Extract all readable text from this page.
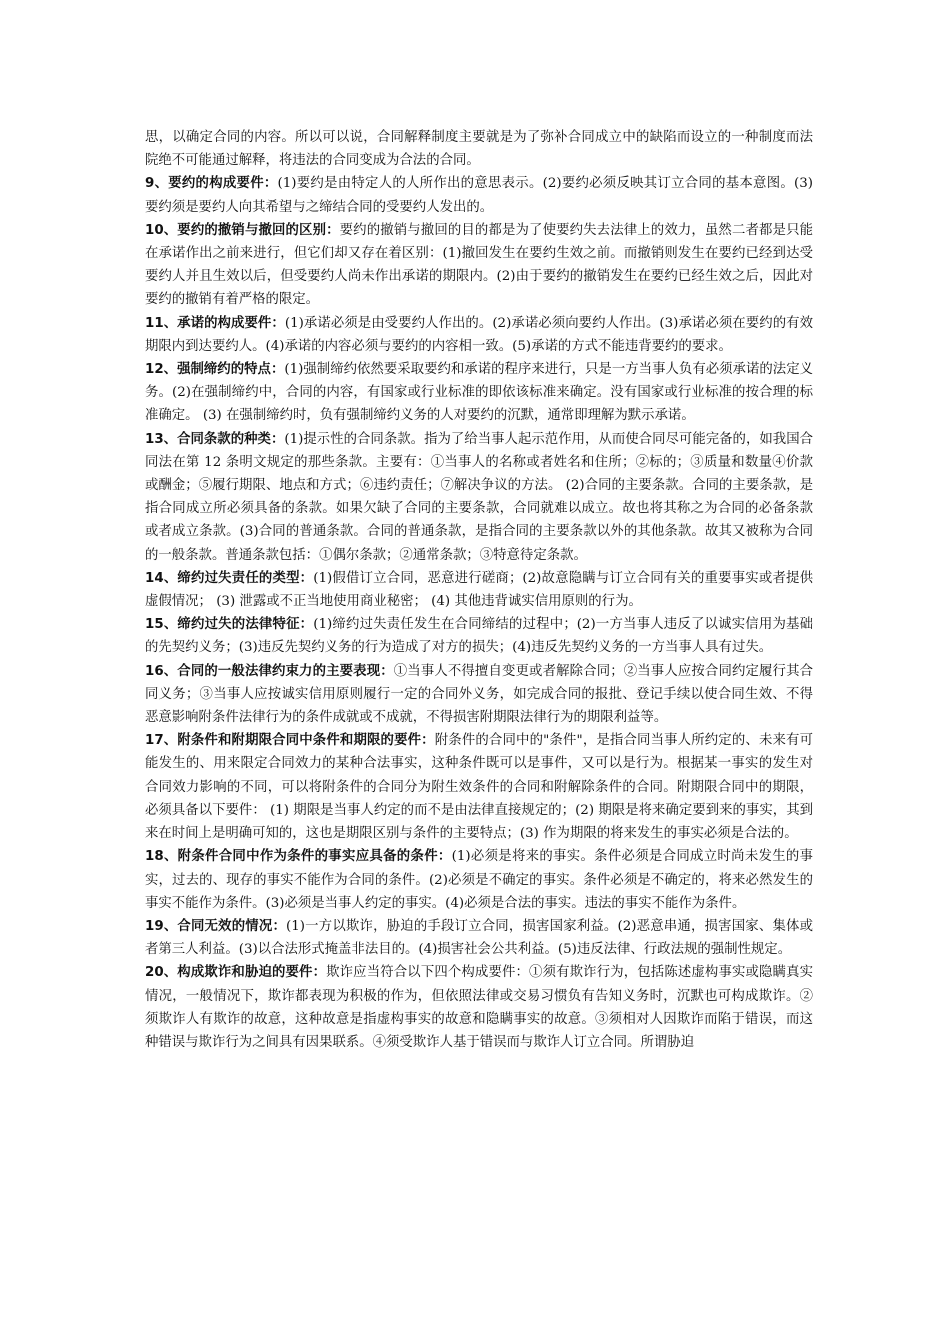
思，以确定合同的内容。所以可以说，合同解释制度主要就是为了弥补合同成立中的缺陷而设立的一种制度而法院绝不可能通过解释，将违法的合同变成为合法的合同。

9、要约的构成要件：(1)要约是由特定人的人所作出的意思表示。(2)要约必须反映其订立合同的基本意图。(3)要约须是要约人向其希望与之缔结合同的受要约人发出的。

10、要约的撤销与撤回的区别：要约的撤销与撤回的目的都是为了使要约失去法律上的效力，虽然二者都是只能在承诺作出之前来进行，但它们却又存在着区别：(1)撤回发生在要约生效之前。而撤销则发生在要约已经到达受要约人并且生效以后，但受要约人尚未作出承诺的期限内。(2)由于要约的撤销发生在要约已经生效之后，因此对要约的撤销有着严格的限定。

11、承诺的构成要件：(1)承诺必须是由受要约人作出的。(2)承诺必须向要约人作出。(3)承诺必须在要约的有效期限内到达要约人。(4)承诺的内容必须与要约的内容相一致。(5)承诺的方式不能违背要约的要求。

12、强制缔约的特点：(1)强制缔约依然要采取要约和承诺的程序来进行，只是一方当事人负有必须承诺的法定义务。(2)在强制缔约中，合同的内容，有国家或行业标准的即依该标准来确定。没有国家或行业标准的按合理的标准确定。 (3) 在强制缔约时，负有强制缔约义务的人对要约的沉默，通常即理解为默示承诺。

13、合同条款的种类：(1)提示性的合同条款。指为了给当事人起示范作用，从而使合同尽可能完备的，如我国合同法在第 12 条明文规定的那些条款。主要有：①当事人的名称或者姓名和住所；②标的；③质量和数量④价款或酬金；⑤履行期限、地点和方式；⑥违约责任；⑦解决争议的方法。 (2)合同的主要条款。合同的主要条款，是指合同成立所必须具备的条款。如果欠缺了合同的主要条款，合同就难以成立。故也将其称之为合同的必备条款或者成立条款。(3)合同的普通条款。合同的普通条款，是指合同的主要条款以外的其他条款。故其又被称为合同的一般条款。普通条款包括：①偶尔条款；②通常条款；③特意待定条款。

14、缔约过失责任的类型：(1)假借订立合同，恶意进行磋商；(2)故意隐瞒与订立合同有关的重要事实或者提供虚假情况； (3) 泄露或不正当地使用商业秘密； (4) 其他违背诚实信用原则的行为。

15、缔约过失的法律特征：(1)缔约过失责任发生在合同缔结的过程中；(2)一方当事人违反了以诚实信用为基础的先契约义务；(3)违反先契约义务的行为造成了对方的损失；(4)违反先契约义务的一方当事人具有过失。

16、合同的一般法律约束力的主要表现：①当事人不得擅自变更或者解除合同；②当事人应按合同约定履行其合同义务；③当事人应按诚实信用原则履行一定的合同外义务，如完成合同的报批、登记手续以使合同生效、不得恶意影响附条件法律行为的条件成就或不成就，不得损害附期限法律行为的期限利益等。

17、附条件和附期限合同中条件和期限的要件：附条件的合同中的"条件"，是指合同当事人所约定的、未来有可能发生的、用来限定合同效力的某种合法事实，这种条件既可以是事件，又可以是行为。根据某一事实的发生对合同效力影响的不同，可以将附条件的合同分为附生效条件的合同和附解除条件的合同。附期限合同中的期限，必须具备以下要件： (1) 期限是当事人约定的而不是由法律直接规定的；(2) 期限是将来确定要到来的事实，其到来在时间上是明确可知的，这也是期限区别与条件的主要特点；(3) 作为期限的将来发生的事实必须是合法的。

18、附条件合同中作为条件的事实应具备的条件：(1)必须是将来的事实。条件必须是合同成立时尚未发生的事实，过去的、现存的事实不能作为合同的条件。(2)必须是不确定的事实。条件必须是不确定的，将来必然发生的事实不能作为条件。(3)必须是当事人约定的事实。(4)必须是合法的事实。违法的事实不能作为条件。

19、合同无效的情况：(1)一方以欺诈，胁迫的手段订立合同，损害国家利益。(2)恶意串通，损害国家、集体或者第三人利益。(3)以合法形式掩盖非法目的。(4)损害社会公共利益。(5)违反法律、行政法规的强制性规定。

20、构成欺诈和胁迫的要件：欺诈应当符合以下四个构成要件：①须有欺诈行为，包括陈述虚构事实或隐瞒真实情况，一般情况下，欺诈都表现为积极的作为，但依照法律或交易习惯负有告知义务时，沉默也可构成欺诈。②须欺诈人有欺诈的故意，这种故意是指虚构事实的故意和隐瞒事实的故意。③须相对人因欺诈而陷于错误，而这种错误与欺诈行为之间具有因果联系。④须受欺诈人基于错误而与欺诈人订立合同。所谓胁迫
